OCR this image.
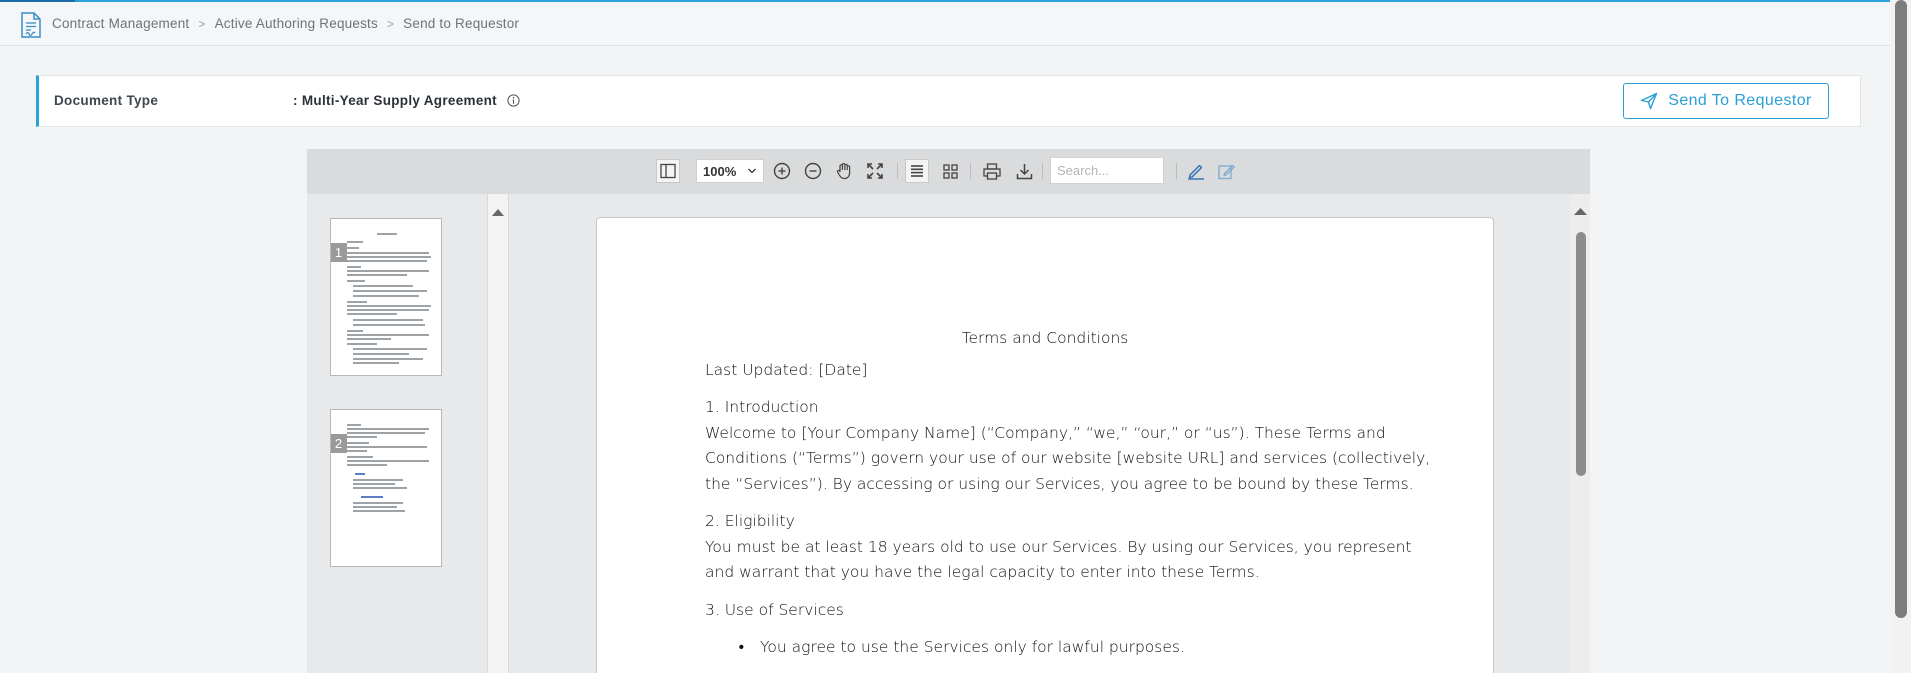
Contract Management > Active Authoring Requests > Send to Requestor
Document Type	: Multi-Year Supply Agreement	Send To Requestor
100%
Search...
1
2
Terms and Conditions
Last Updated: [Date]
1. Introduction
Welcome to [Your Company Name] (“Company,” “we,” “our,” or “us”). These Terms and
Conditions (“Terms”) govern your use of our website [website URL] and services (collectively,
the “Services”). By accessing or using our Services, you agree to be bound by these Terms.
2. Eligibility
You must be at least 18 years old to use our Services. By using our Services, you represent
and warrant that you have the legal capacity to enter into these Terms.
3. Use of Services
•	You agree to use the Services only for lawful purposes.
